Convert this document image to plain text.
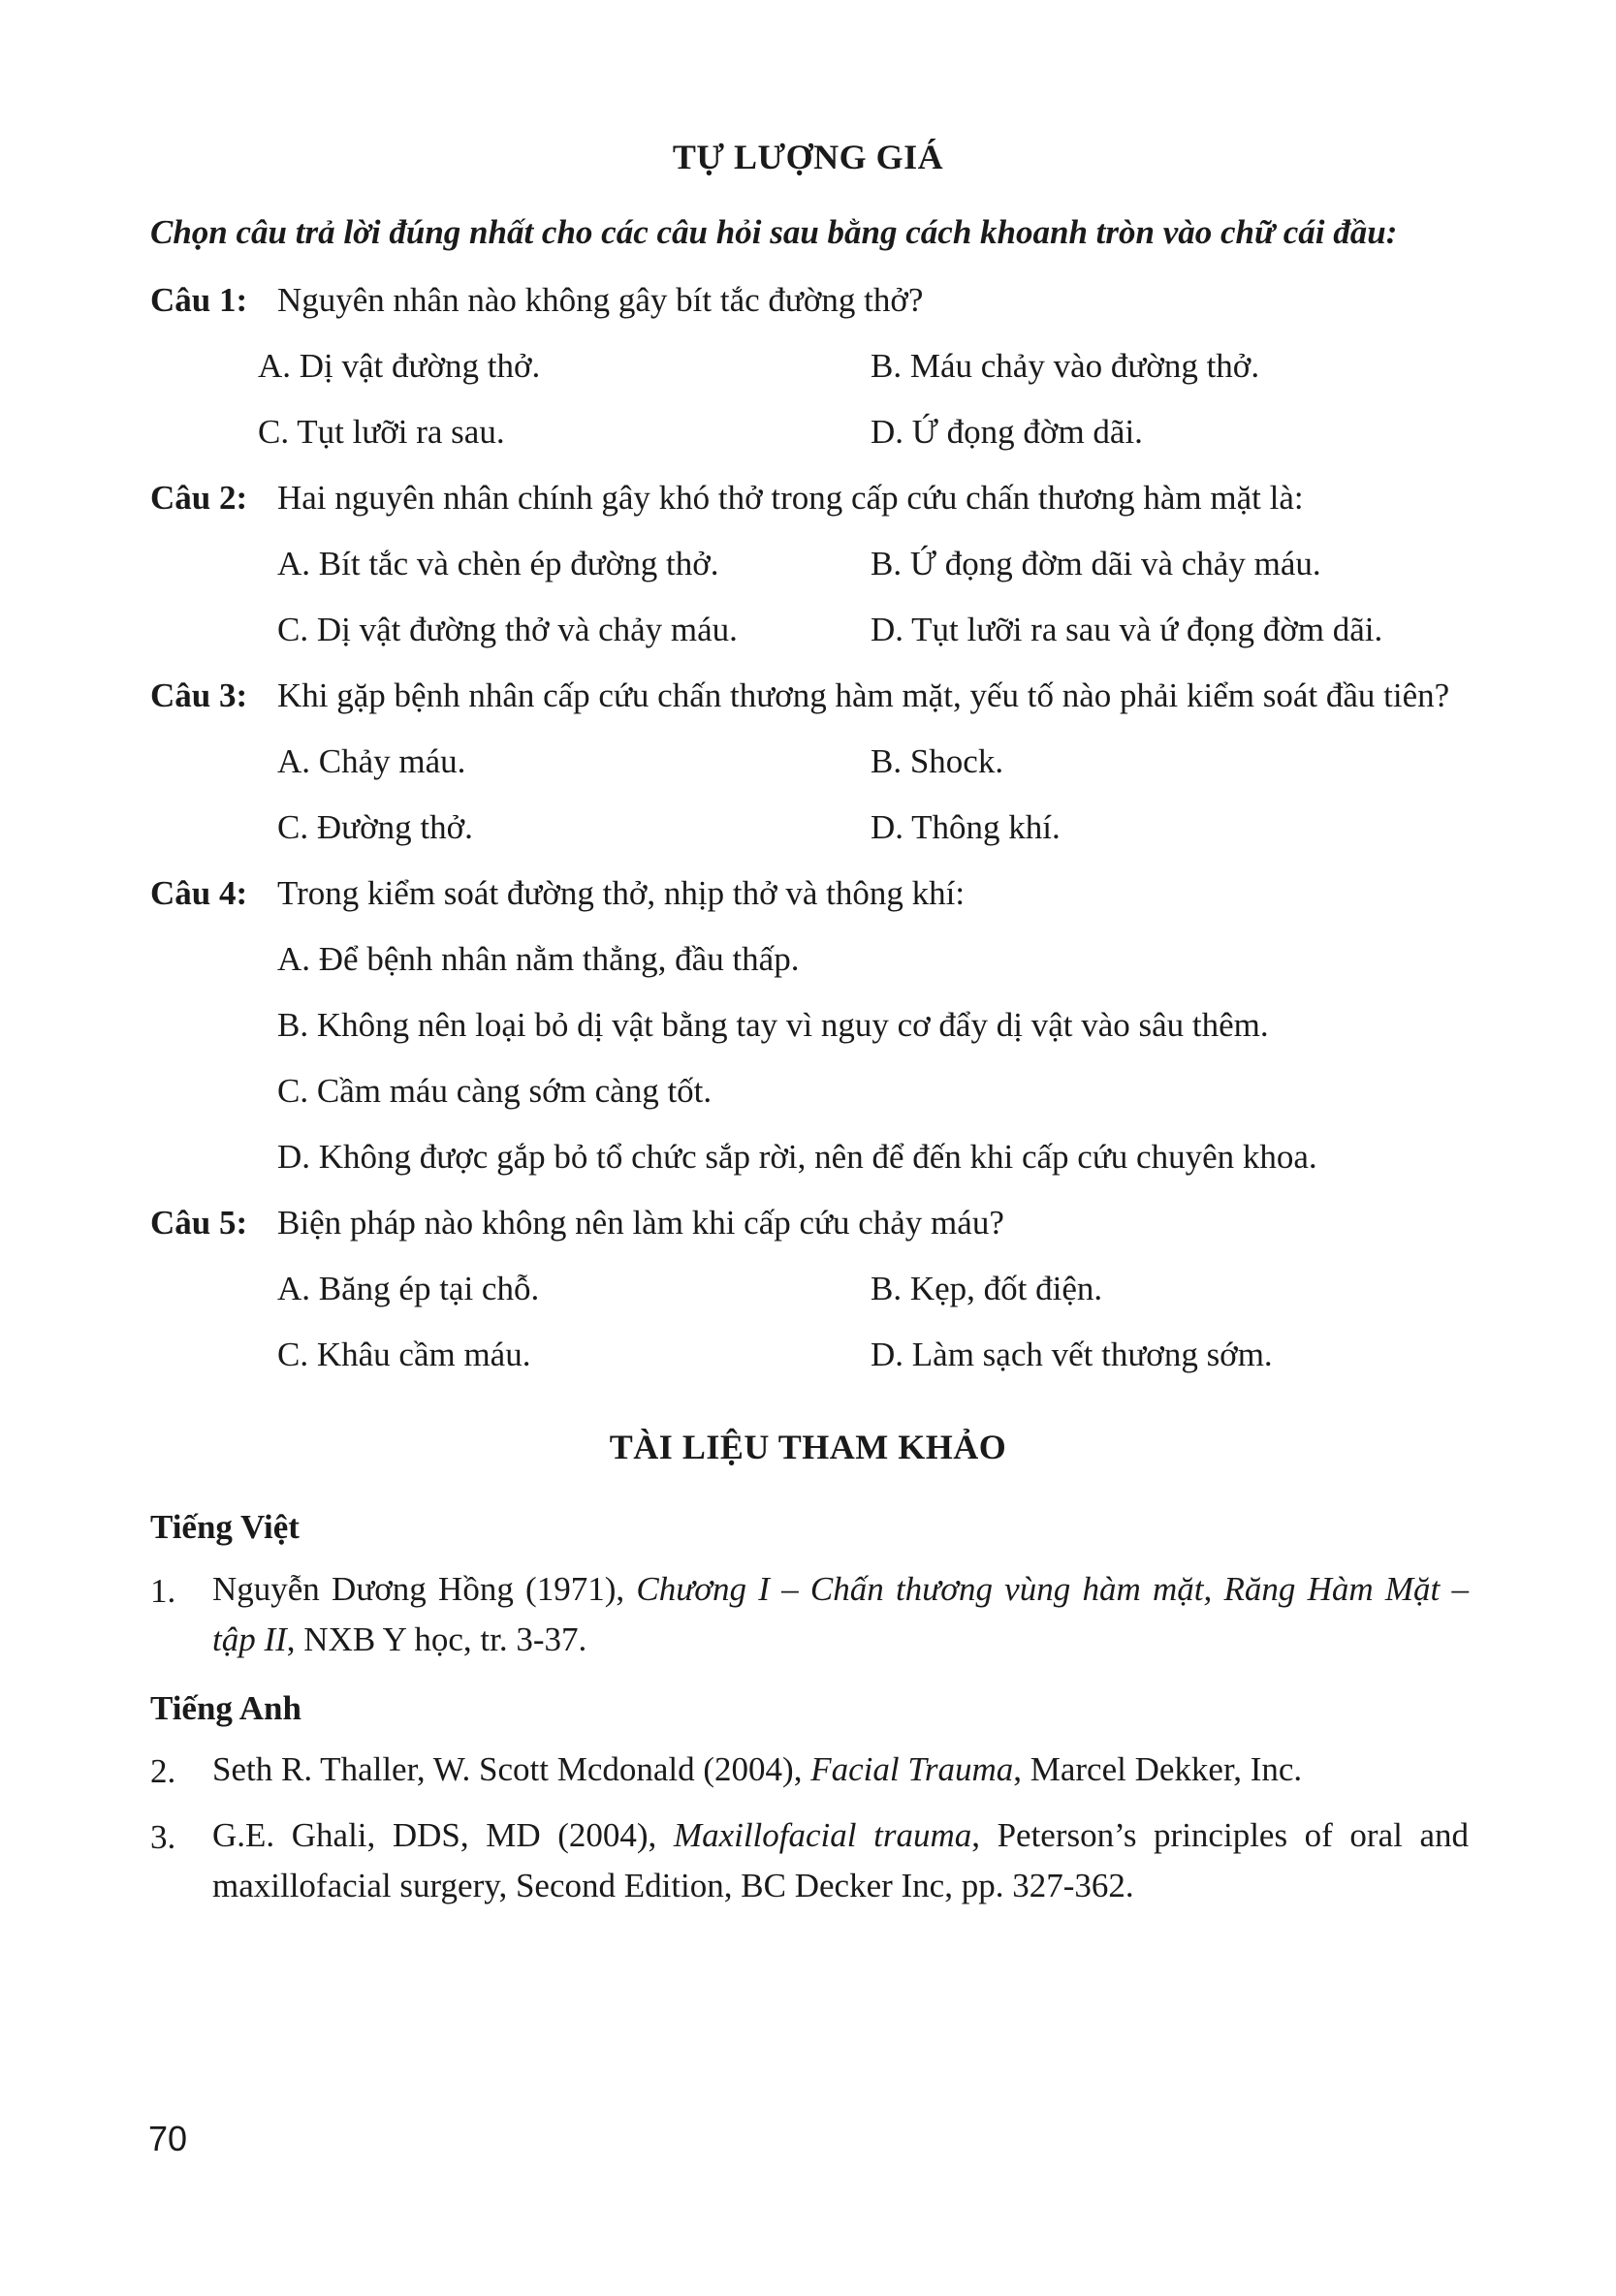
TỰ LƯỢNG GIÁ
Chọn câu trả lời đúng nhất cho các câu hỏi sau bằng cách khoanh tròn vào chữ cái đầu:
Câu 1: Nguyên nhân nào không gây bít tắc đường thở?
A. Dị vật đường thở.	B. Máu chảy vào đường thở.
C. Tụt lưỡi ra sau.	D. Ứ đọng đờm dãi.
Câu 2: Hai nguyên nhân chính gây khó thở trong cấp cứu chấn thương hàm mặt là:
A. Bít tắc và chèn ép đường thở.	B. Ứ đọng đờm dãi và chảy máu.
C. Dị vật đường thở và chảy máu.	D. Tụt lưỡi ra sau và ứ đọng đờm dãi.
Câu 3: Khi gặp bệnh nhân cấp cứu chấn thương hàm mặt, yếu tố nào phải kiểm soát đầu tiên?
A. Chảy máu.	B. Shock.
C. Đường thở.	D. Thông khí.
Câu 4: Trong kiểm soát đường thở, nhịp thở và thông khí:
A. Để bệnh nhân nằm thẳng, đầu thấp.
B. Không nên loại bỏ dị vật bằng tay vì nguy cơ đẩy dị vật vào sâu thêm.
C. Cầm máu càng sớm càng tốt.
D. Không được gắp bỏ tổ chức sắp rời, nên để đến khi cấp cứu chuyên khoa.
Câu 5: Biện pháp nào không nên làm khi cấp cứu chảy máu?
A. Băng ép tại chỗ.	B. Kẹp, đốt điện.
C. Khâu cầm máu.	D. Làm sạch vết thương sớm.
TÀI LIỆU THAM KHẢO
Tiếng Việt
1. Nguyễn Dương Hồng (1971), Chương I – Chấn thương vùng hàm mặt, Răng Hàm Mặt – tập II, NXB Y học, tr. 3-37.
Tiếng Anh
2. Seth R. Thaller, W. Scott Mcdonald (2004), Facial Trauma, Marcel Dekker, Inc.
3. G.E. Ghali, DDS, MD (2004), Maxillofacial trauma, Peterson’s principles of oral and maxillofacial surgery, Second Edition, BC Decker Inc, pp. 327-362.
70
